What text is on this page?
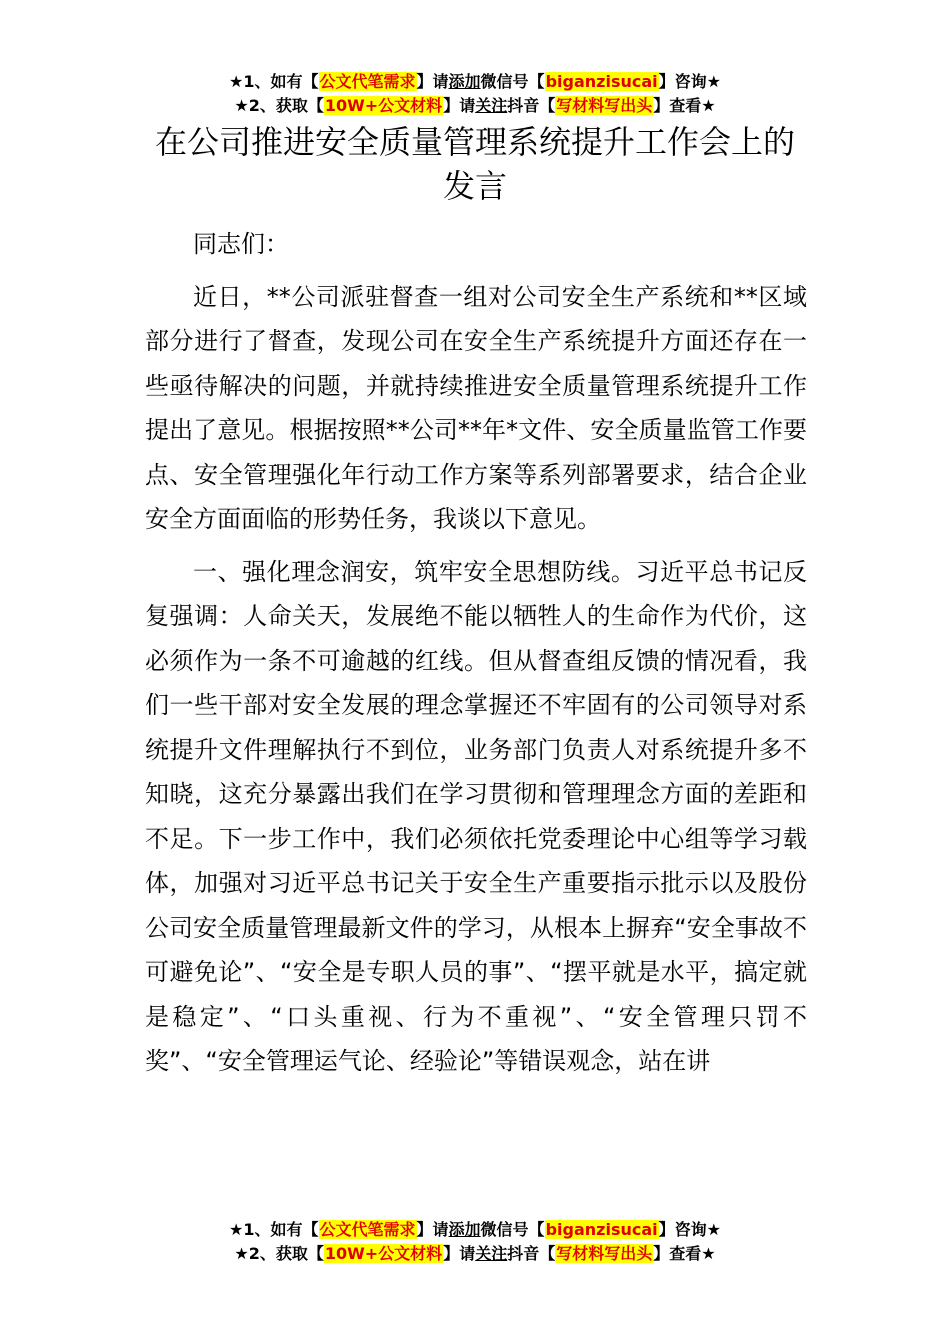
★1、如有【公文代笔需求】请添加微信号【biganzisucai】咨询★
★2、获取【10W+公文材料】请关注抖音【写材料写出头】查看★
在公司推进安全质量管理系统提升工作会上的发言

同志们：

近日，**公司派驻督查一组对公司安全生产系统和**区域部分进行了督查，发现公司在安全生产系统提升方面还存在一些亟待解决的问题，并就持续推进安全质量管理系统提升工作提出了意见。根据按照**公司**年*文件、安全质量监管工作要点、安全管理强化年行动工作方案等系列部署要求，结合企业安全方面面临的形势任务，我谈以下意见。

一、强化理念润安，筑牢安全思想防线。习近平总书记反复强调：人命关天，发展绝不能以牺牲人的生命作为代价，这必须作为一条不可逾越的红线。但从督查组反馈的情况看，我们一些干部对安全发展的理念掌握还不牢固有的公司领导对系统提升文件理解执行不到位，业务部门负责人对系统提升多不知晓，这充分暴露出我们在学习贯彻和管理理念方面的差距和不足。下一步工作中，我们必须依托党委理论中心组等学习载体，加强对习近平总书记关于安全生产重要指示批示以及股份公司安全质量管理最新文件的学习，从根本上摒弃“安全事故不可避免论”、“安全是专职人员的事”、“摆平就是水平，搞定就是稳定”、“口头重视、行为不重视”、“安全管理只罚不奖”、“安全管理运气论、经验论”等错误观念，站在讲

★1、如有【公文代笔需求】请添加微信号【biganzisucai】咨询★
★2、获取【10W+公文材料】请关注抖音【写材料写出头】查看★
